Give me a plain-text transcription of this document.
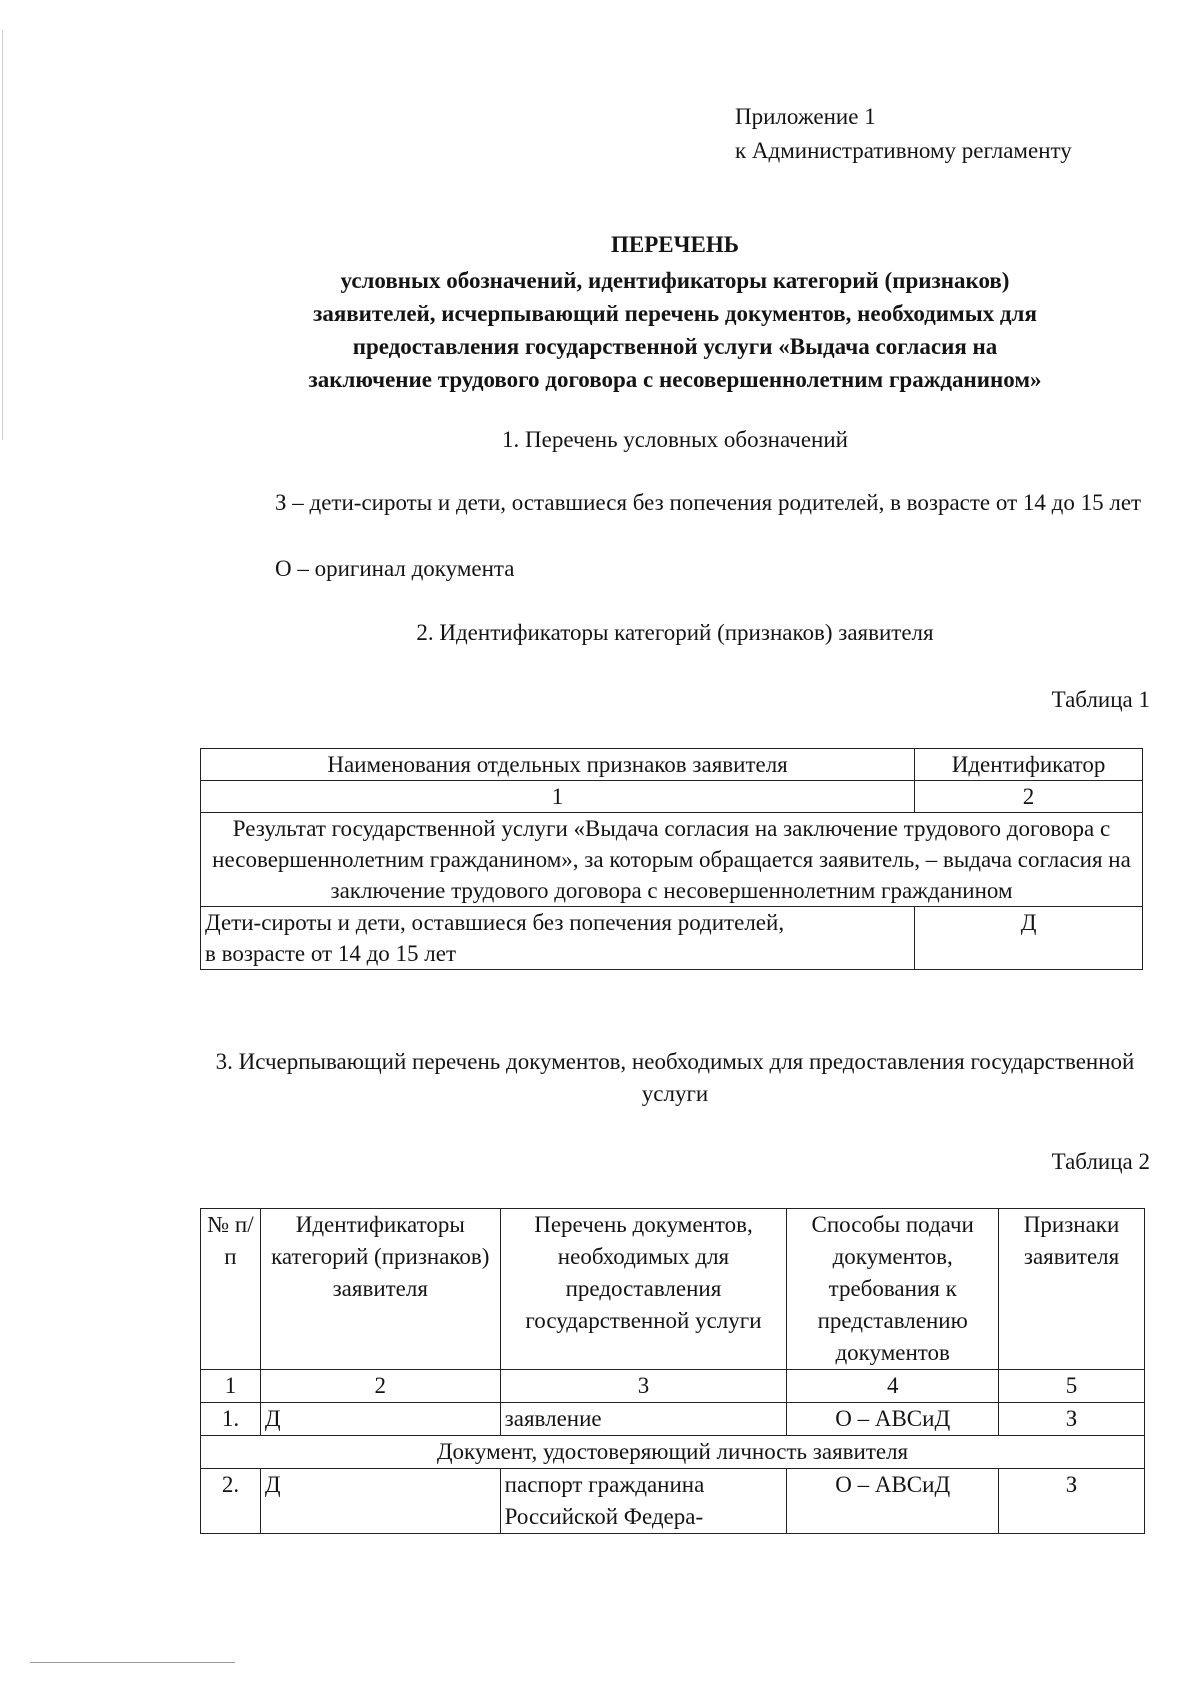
Приложение 1
к Административному регламенту
ПЕРЕЧЕНЬ
условных обозначений, идентификаторы категорий (признаков)
заявителей, исчерпывающий перечень документов, необходимых для
предоставления государственной услуги «Выдача согласия на
заключение трудового договора с несовершеннолетним гражданином»
1. Перечень условных обозначений
З – дети-сироты и дети, оставшиеся без попечения родителей, в возрасте от 14 до 15 лет
О – оригинал документа
2. Идентификаторы категорий (признаков) заявителя
Таблица 1
Наименования отдельных признаков заявителя	Идентификатор
1	2
Результат государственной услуги «Выдача согласия на заключение трудового договора с несовершеннолетним гражданином», за которым обращается заявитель, – выдача согласия на заключение трудового договора с несовершеннолетним гражданином	
Дети-сироты и дети, оставшиеся без попечения родителей, в возрасте от 14 до 15 лет	Д
3. Исчерпывающий перечень документов, необходимых для предоставления государственной услуги
Таблица 2
№ п/п	Идентификаторы категорий (признаков) заявителя	Перечень документов, необходимых для предоставления государственной услуги	Способы подачи документов, требования к представлению документов	Признаки заявителя
1	2	3	4	5
1.	Д	заявление	О – АВСиД	З
Документ, удостоверяющий личность заявителя				
2.	Д	паспорт гражданина Российской Федера-	О – АВСиД	З
